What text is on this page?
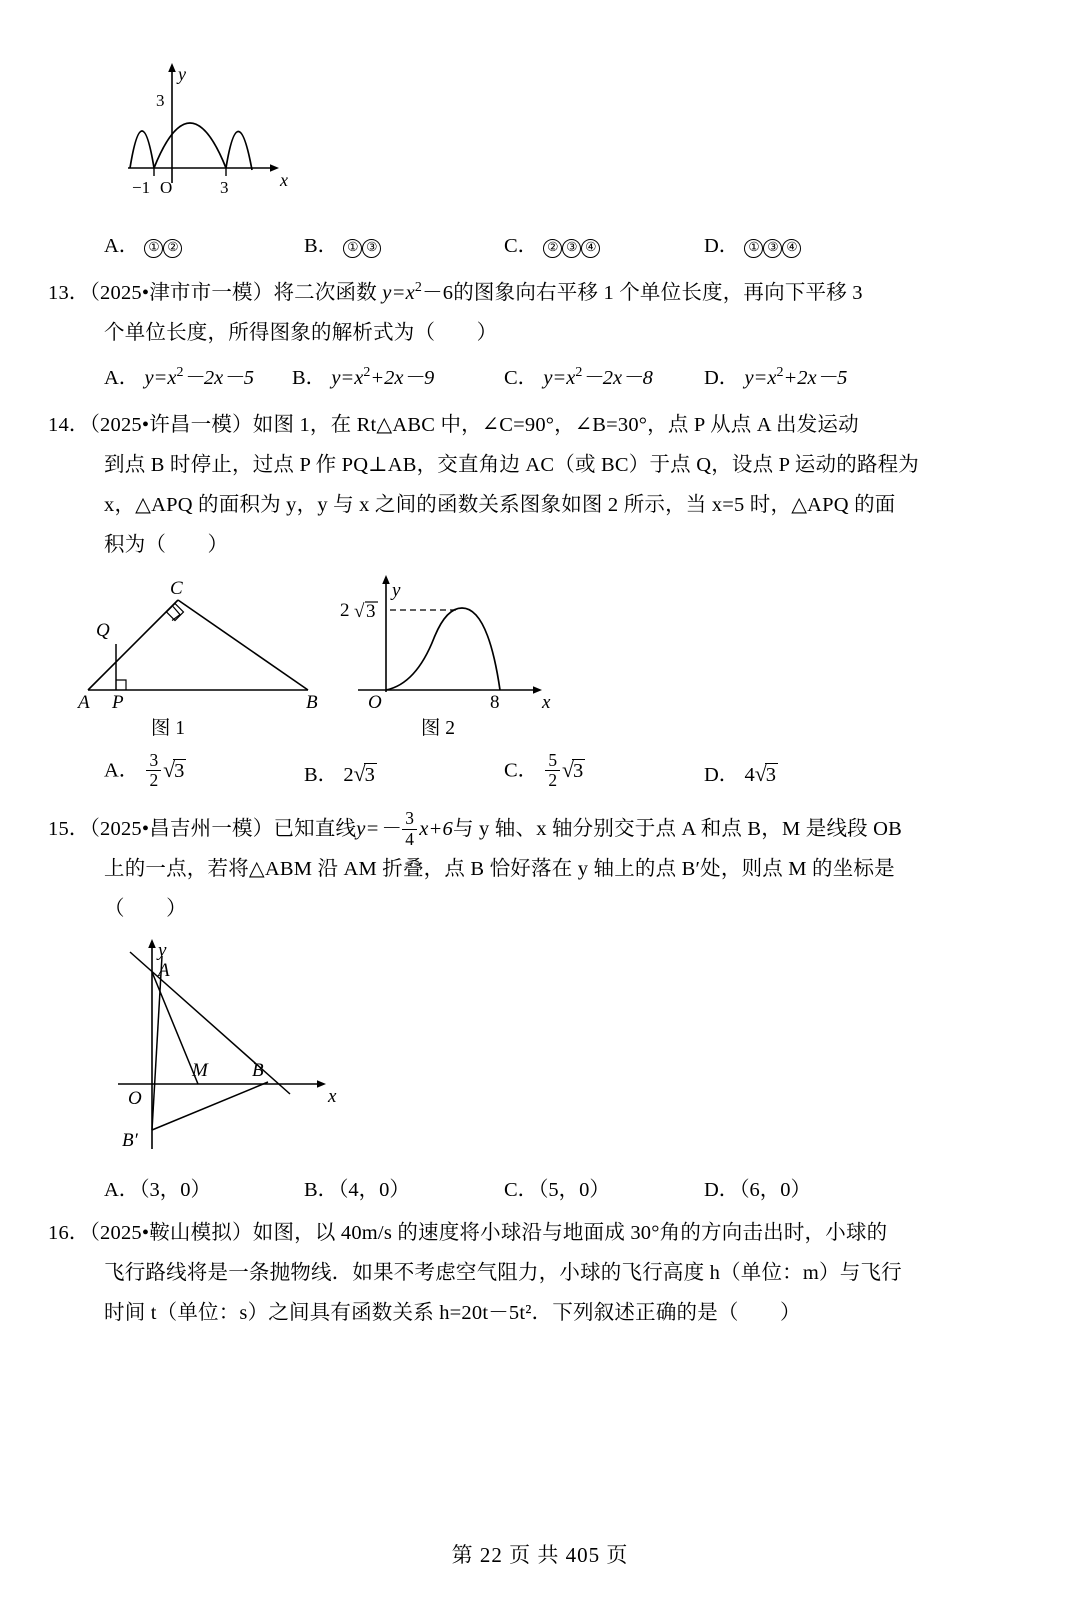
3
−1 O	3	x
y
A． ① ②	B． ① ③	C． ② ③ ④	D． ① ③ ④
13．（2025•津市市一模）将二次函数 $y=x^2-6$的图象向右平移 1 个单位长度，再向下平移 3
个单位长度，所得图象的解析式为（　　）
A． $y=x^2-2x-5$	B． $y=x^2+2x-9$	C． $y=x^2-2x-8$	D． $y=x^2+2x-5$
14．（2025•许昌一模）如图 1，在 Rt△ABC 中，∠C=90°，∠B=30°，点 P 从点 A 出发运动
到点 B 时停止，过点 P 作 PQ⊥AB，交直角边 AC（或 BC）于点 Q，设点 P 运动的路程为
x，△APQ 的面积为 y，y 与 x 之间的函数关系图象如图 2 所示，当 x=5 时，△APQ 的面
积为（　　）
C
Q
A P	B
图 1
O	8 x
y
2 √ 3
图 2
A． $\frac{3}{2}$ √ 3	B． 2 √ 3	C． $\frac{5}{2}$ √ 3	D． 4 √ 3
15．（2025•昌吉州一模）已知直线$y=- \frac{3}{4} x+6$与 y 轴、x 轴分别交于点 A 和点 B，M 是线段 OB
上的一点，若将△ABM 沿 AM 折叠，点 B 恰好落在 y 轴上的点 B′处，则点 M 的坐标是
（　　）
A
M B
O
B′
y
x
A．（3，0）	B．（4，0）	C．（5，0）	D．（6，0）
16．（2025•鞍山模拟）如图，以 40m/s 的速度将小球沿与地面成 30°角的方向击出时，小球的
飞行路线将是一条抛物线．如果不考虑空气阻力，小球的飞行高度 h（单位：m）与飞行
时间 t（单位：s）之间具有函数关系 h=20t－5t²．下列叙述正确的是（　　）
第 22 页 共 405 页
